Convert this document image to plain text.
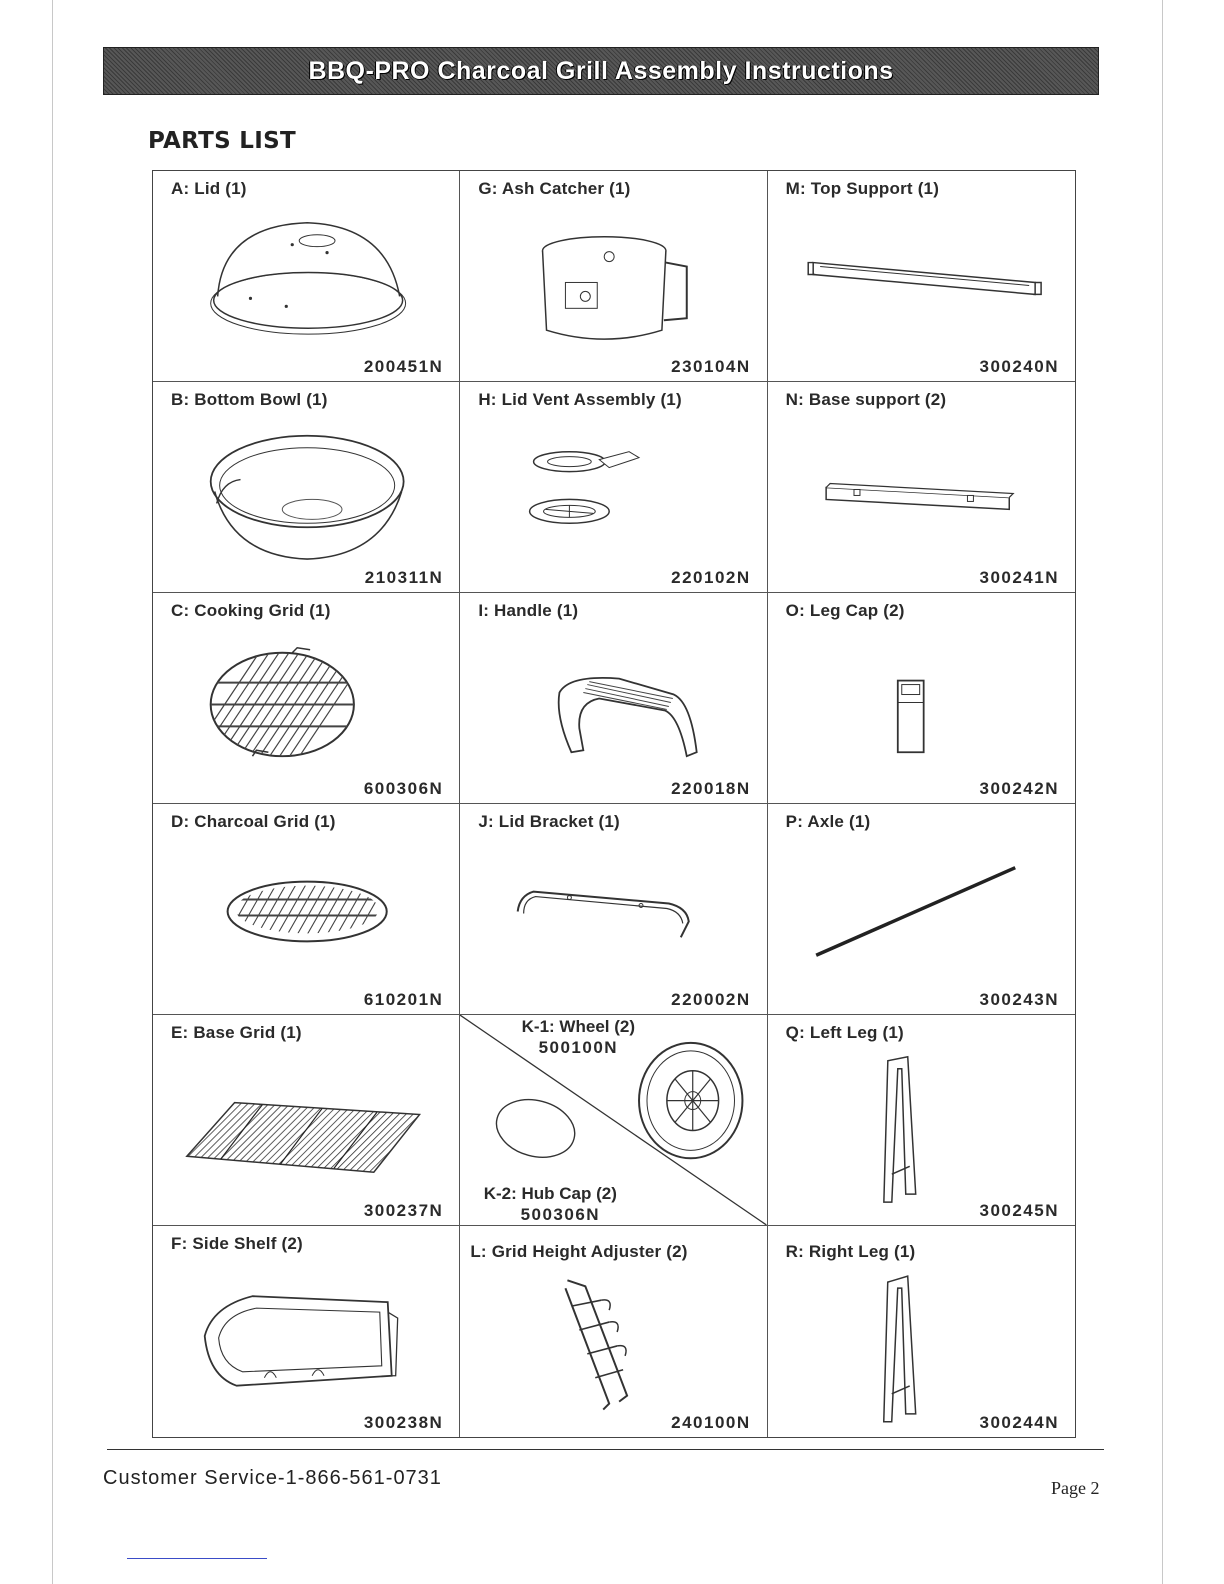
BBQ-PRO Charcoal Grill Assembly Instructions
PARTS LIST
A: Lid (1)
200451N
G: Ash Catcher (1)
230104N
M: Top Support (1)
300240N
B: Bottom Bowl (1)
210311N
H: Lid Vent Assembly (1)
220102N
N: Base support (2)
300241N
C: Cooking Grid (1)
600306N
I: Handle (1)
220018N
O: Leg Cap (2)
300242N
D: Charcoal Grid (1)
610201N
J: Lid Bracket (1)
220002N
P: Axle (1)
300243N
E: Base Grid (1)
300237N
K-1: Wheel (2)
500100N
K-2: Hub Cap (2)
500306N
Q: Left Leg (1)
300245N
F: Side Shelf (2)
300238N
L: Grid Height Adjuster (2)
240100N
R: Right Leg (1)
300244N
Customer Service-1-866-561-0731	Page 2
